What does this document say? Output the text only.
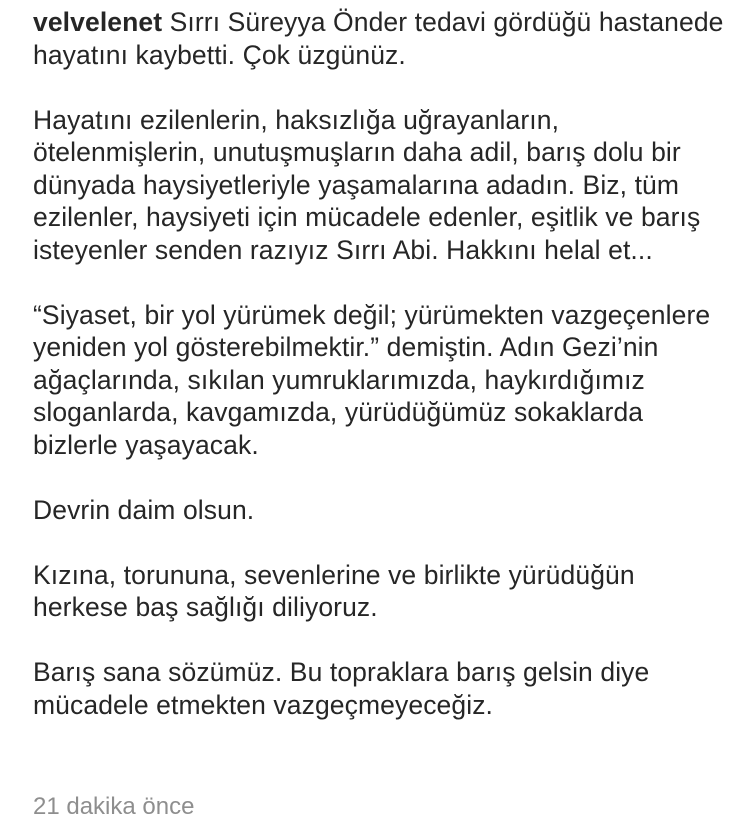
velvelenet Sırrı Süreyya Önder tedavi gördüğü hastanede hayatını kaybetti. Çok üzgünüz.

Hayatını ezilenlerin, haksızlığa uğrayanların, ötelenmişlerin, unutuşmuşların daha adil, barış dolu bir dünyada haysiyetleriyle yaşamalarına adadın. Biz, tüm ezilenler, haysiyeti için mücadele edenler, eşitlik ve barış isteyenler senden razıyız Sırrı Abi. Hakkını helal et...

“Siyaset, bir yol yürümek değil; yürümekten vazgeçenlere yeniden yol gösterebilmektir.” demiştin. Adın Gezi’nin ağaçlarında, sıkılan yumruklarımızda, haykırdığımız sloganlarda, kavgamızda, yürüdüğümüz sokaklarda bizlerle yaşayacak.

Devrin daim olsun.

Kızına, torununa, sevenlerine ve birlikte yürüdüğün herkese baş sağlığı diliyoruz.

Barış sana sözümüz. Bu topraklara barış gelsin diye mücadele etmekten vazgeçmeyeceğiz.

21 dakika önce
